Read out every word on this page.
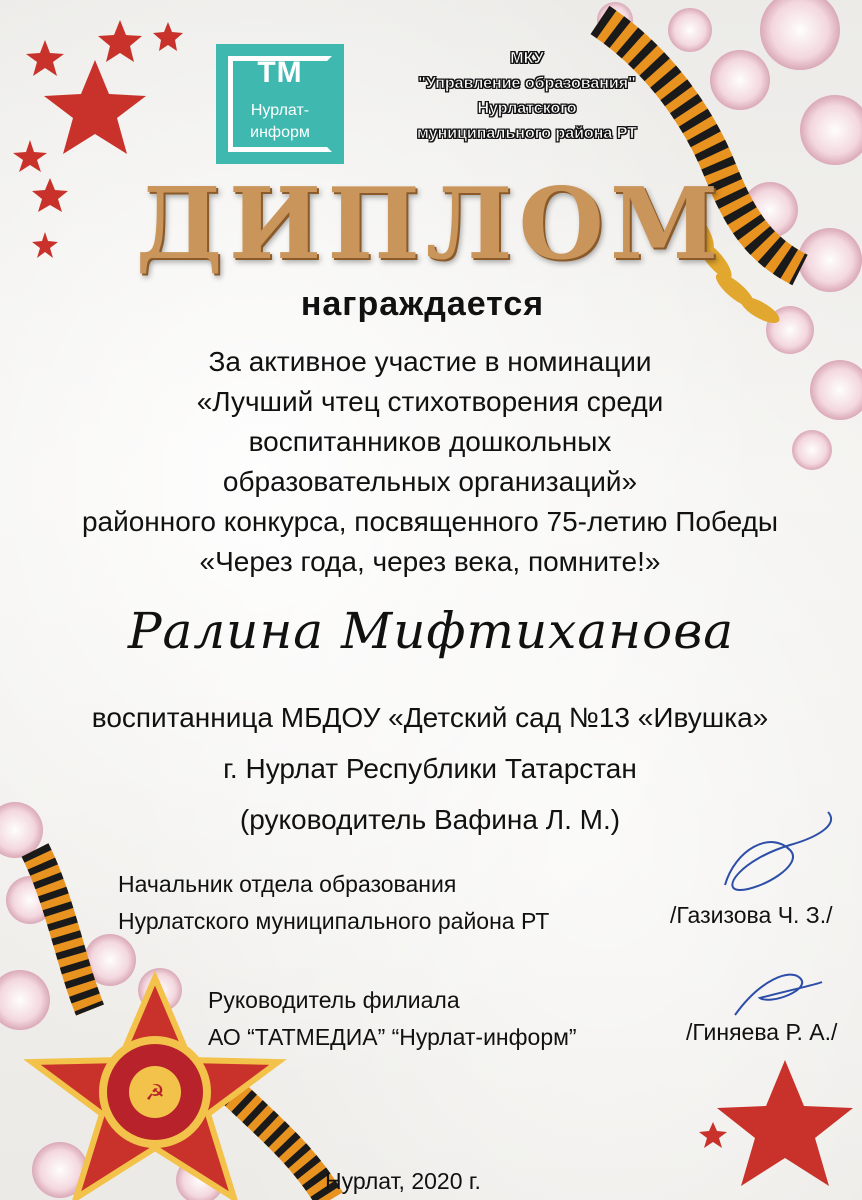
☭
ТМ
Нурлат-
информ
МКУ
"Управление образования"
Нурлатского
муниципального района РТ
ДИПЛОМ
награждается
За активное участие в номинации
«Лучший чтец стихотворения среди
воспитанников дошкольных
образовательных организаций»
районного конкурса, посвященного 75-летию Победы
«Через года, через века, помните!»
Ралина Мифтиханова
воспитанница МБДОУ «Детский сад №13 «Ивушка»
г. Нурлат Республики Татарстан
(руководитель Вафина Л. М.)
Начальник отдела образования
Нурлатского муниципального района РТ	/Газизова Ч. З./
Руководитель филиала
АО “ТАТМЕДИА” “Нурлат-информ”	/Гиняева Р. А./
Нурлат, 2020 г.
